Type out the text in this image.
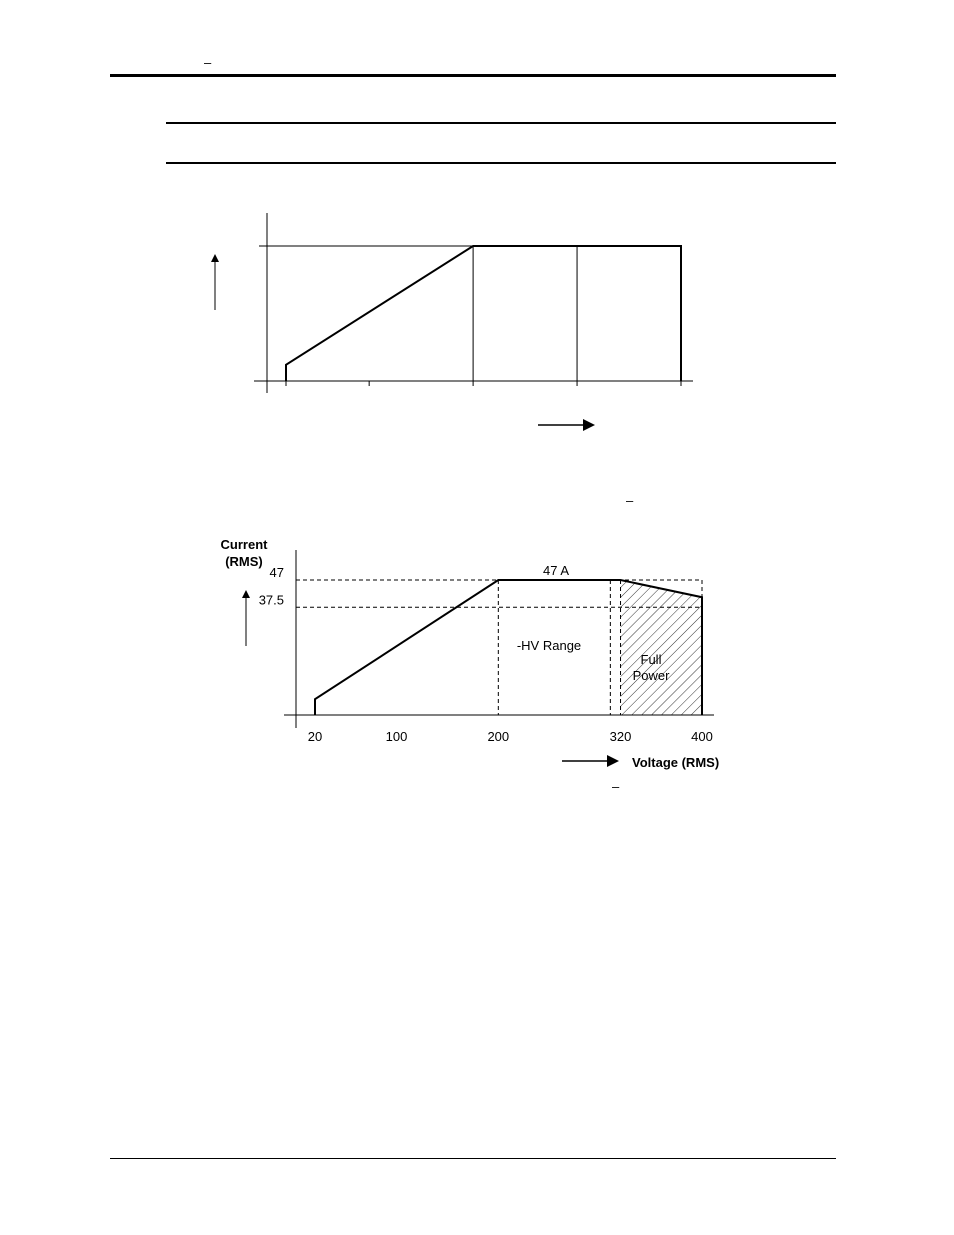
–
–
–
20	100	200	320	400
47
37.5
Current
(RMS)
Voltage (RMS)
47 A
-HV Range
Full
Power
